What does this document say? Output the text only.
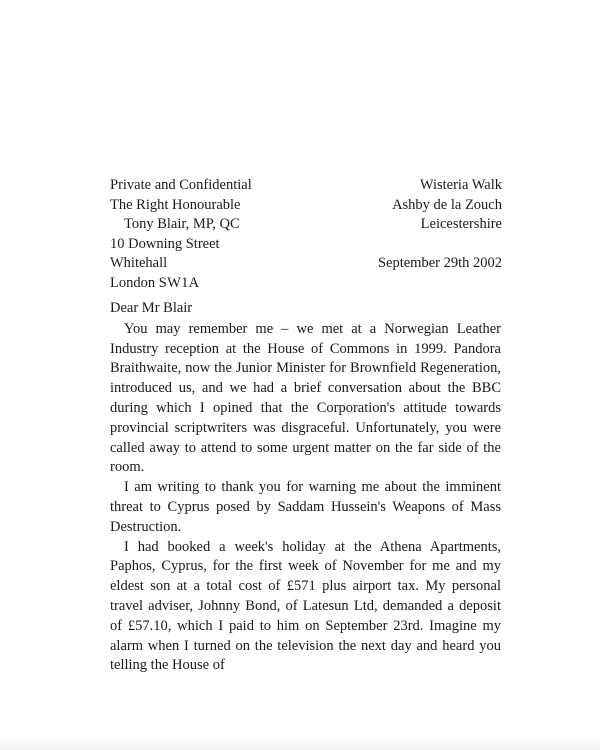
Private and Confidential
The Right Honourable
Tony Blair, MP, QC
10 Downing Street
Whitehall
London SW1A
Wisteria Walk
Ashby de la Zouch
Leicestershire
September 29th 2002

Dear Mr Blair

You may remember me – we met at a Norwegian Leather Industry reception at the House of Commons in 1999. Pandora Braithwaite, now the Junior Minister for Brownfield Regeneration, introduced us, and we had a brief conversation about the BBC during which I opined that the Corporation's attitude towards provincial scriptwriters was disgraceful. Unfortunately, you were called away to attend to some urgent matter on the far side of the room.

I am writing to thank you for warning me about the imminent threat to Cyprus posed by Saddam Hussein's Weapons of Mass Destruction.

I had booked a week's holiday at the Athena Apartments, Paphos, Cyprus, for the first week of November for me and my eldest son at a total cost of £571 plus airport tax. My personal travel adviser, Johnny Bond, of Latesun Ltd, demanded a deposit of £57.10, which I paid to him on September 23rd. Imagine my alarm when I turned on the television the next day and heard you telling the House of
